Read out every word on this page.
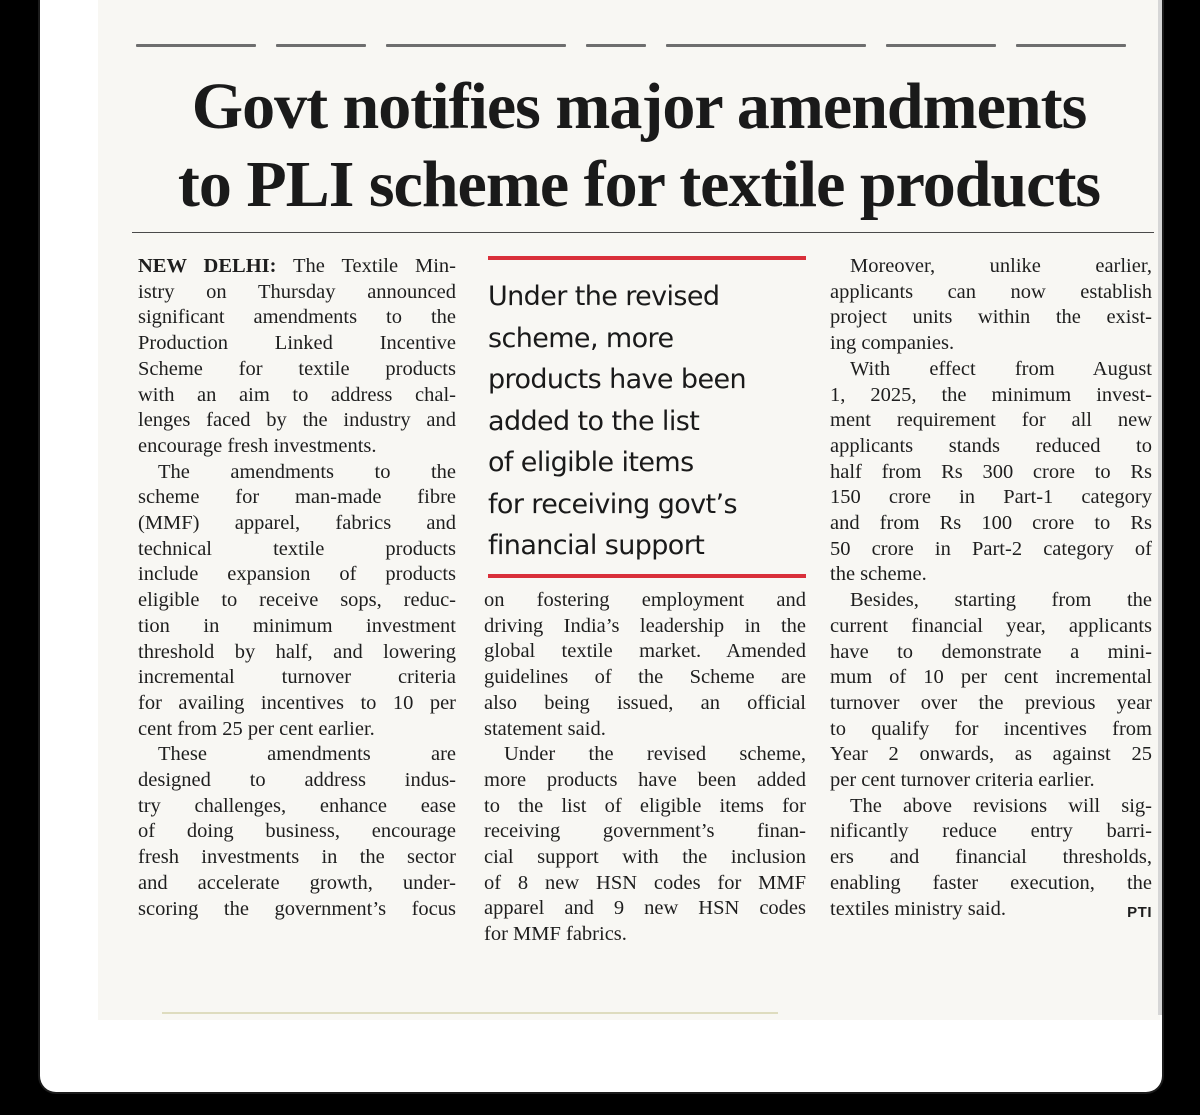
Govt notifies major amendments
to PLI scheme for textile products
NEW DELHI: The Textile Min-
istry on Thursday announced
significant amendments to the
Production Linked Incentive
Scheme for textile products
with an aim to address chal-
lenges faced by the industry and
encourage fresh investments.
The amendments to the
scheme for man-made fibre
(MMF) apparel, fabrics and
technical textile products
include expansion of products
eligible to receive sops, reduc-
tion in minimum investment
threshold by half, and lowering
incremental turnover criteria
for availing incentives to 10 per
cent from 25 per cent earlier.
These amendments are
designed to address indus-
try challenges, enhance ease
of doing business, encourage
fresh investments in the sector
and accelerate growth, under-
scoring the government’s focus

Under the revised
scheme, more
products have been
added to the list
of eligible items
for receiving govt’s
financial support

on fostering employment and
driving India’s leadership in the
global textile market. Amended
guidelines of the Scheme are
also being issued, an official
statement said.
Under the revised scheme,
more products have been added
to the list of eligible items for
receiving government’s finan-
cial support with the inclusion
of 8 new HSN codes for MMF
apparel and 9 new HSN codes
for MMF fabrics.
Moreover, unlike earlier,
applicants can now establish
project units within the exist-
ing companies.
With effect from August
1, 2025, the minimum invest-
ment requirement for all new
applicants stands reduced to
half from Rs 300 crore to Rs
150 crore in Part-1 category
and from Rs 100 crore to Rs
50 crore in Part-2 category of
the scheme.
Besides, starting from the
current financial year, applicants
have to demonstrate a mini-
mum of 10 per cent incremental
turnover over the previous year
to qualify for incentives from
Year 2 onwards, as against 25
per cent turnover criteria earlier.
The above revisions will sig-
nificantly reduce entry barri-
ers and financial thresholds,
enabling faster execution, the
textiles ministry said.	PTI
